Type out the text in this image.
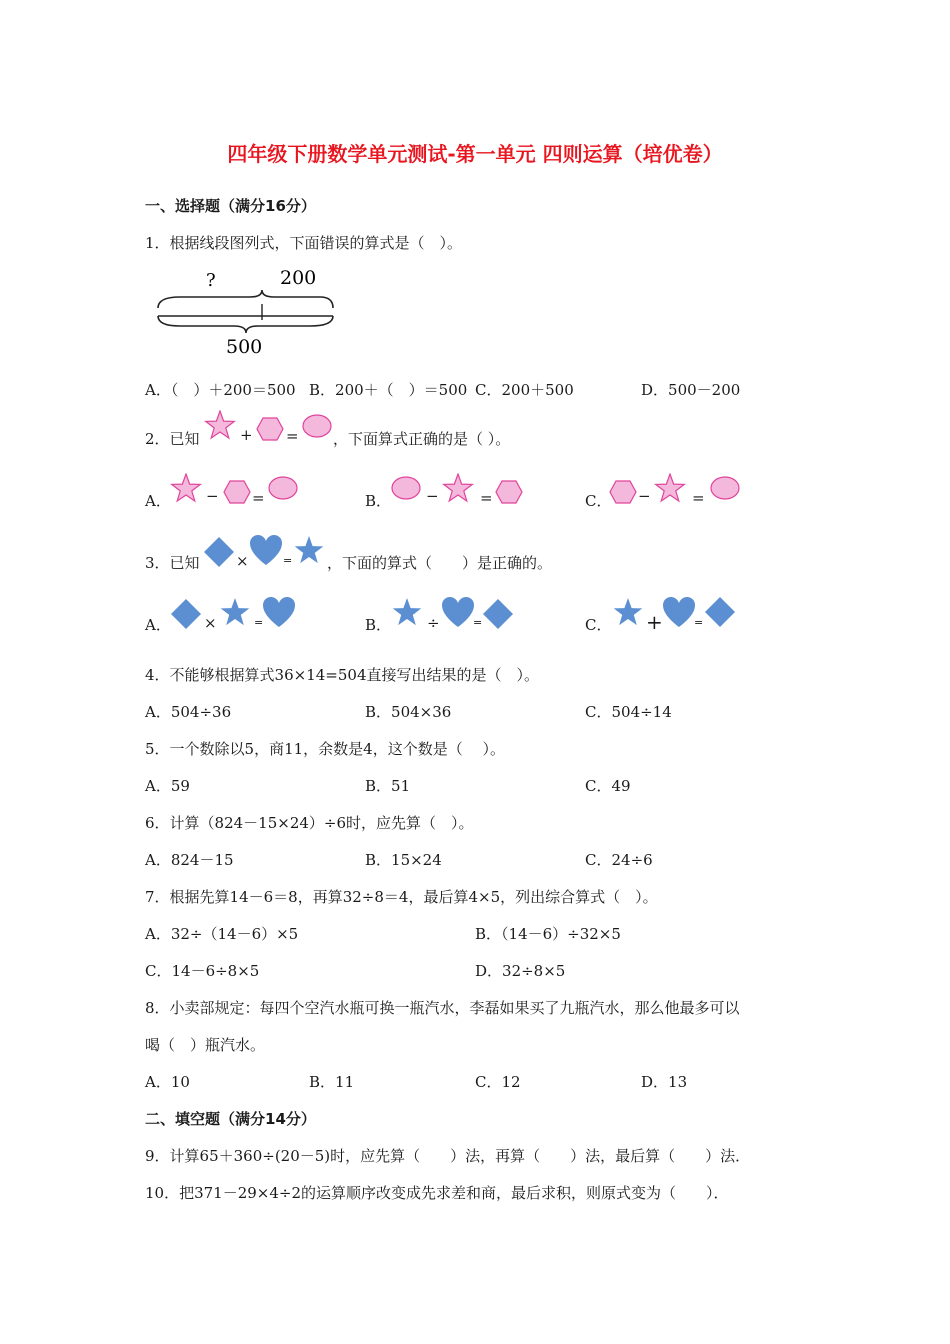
四年级下册数学单元测试-第一单元 四则运算（培优卷）
一、选择题（满分16分）
1．根据线段图列式，下面错误的算式是（　）。
?	200
500
A．（　）＋200＝500 B．200＋（　）＝500 C．200＋500	D．500－200
2．已知	+ = ，下面算式正确的是（ ）。
A． − =	B． −	=	C． −	=
3．已知 ×	= ，下面的算式（　　）是正确的。
A． ×	=	B． ÷	=	C． +	=
4．不能够根据算式36×14=504直接写出结果的是（　）。
A．504÷36	B．504×36	C．504÷14
5．一个数除以5，商11，余数是4，这个数是（　 ）。
A．59	B．51	C．49
6．计算（824－15×24）÷6时，应先算（　）。
A．824－15	B．15×24	C．24÷6
7．根据先算14－6＝8，再算32÷8＝4，最后算4×5，列出综合算式（　）。
A．32÷（14－6）×5	B．（14－6）÷32×5
C．14－6÷8×5	D．32÷8×5
8．小卖部规定：每四个空汽水瓶可换一瓶汽水，李磊如果买了九瓶汽水，那么他最多可以
喝（　）瓶汽水。
A．10	B．11	C．12	D．13
二、填空题（满分14分）
9．计算65＋360÷(20－5)时，应先算（　　）法，再算（　　）法，最后算（　　）法．
10．把371－29×4÷2的运算顺序改变成先求差和商，最后求积，则原式变为（　　）．
